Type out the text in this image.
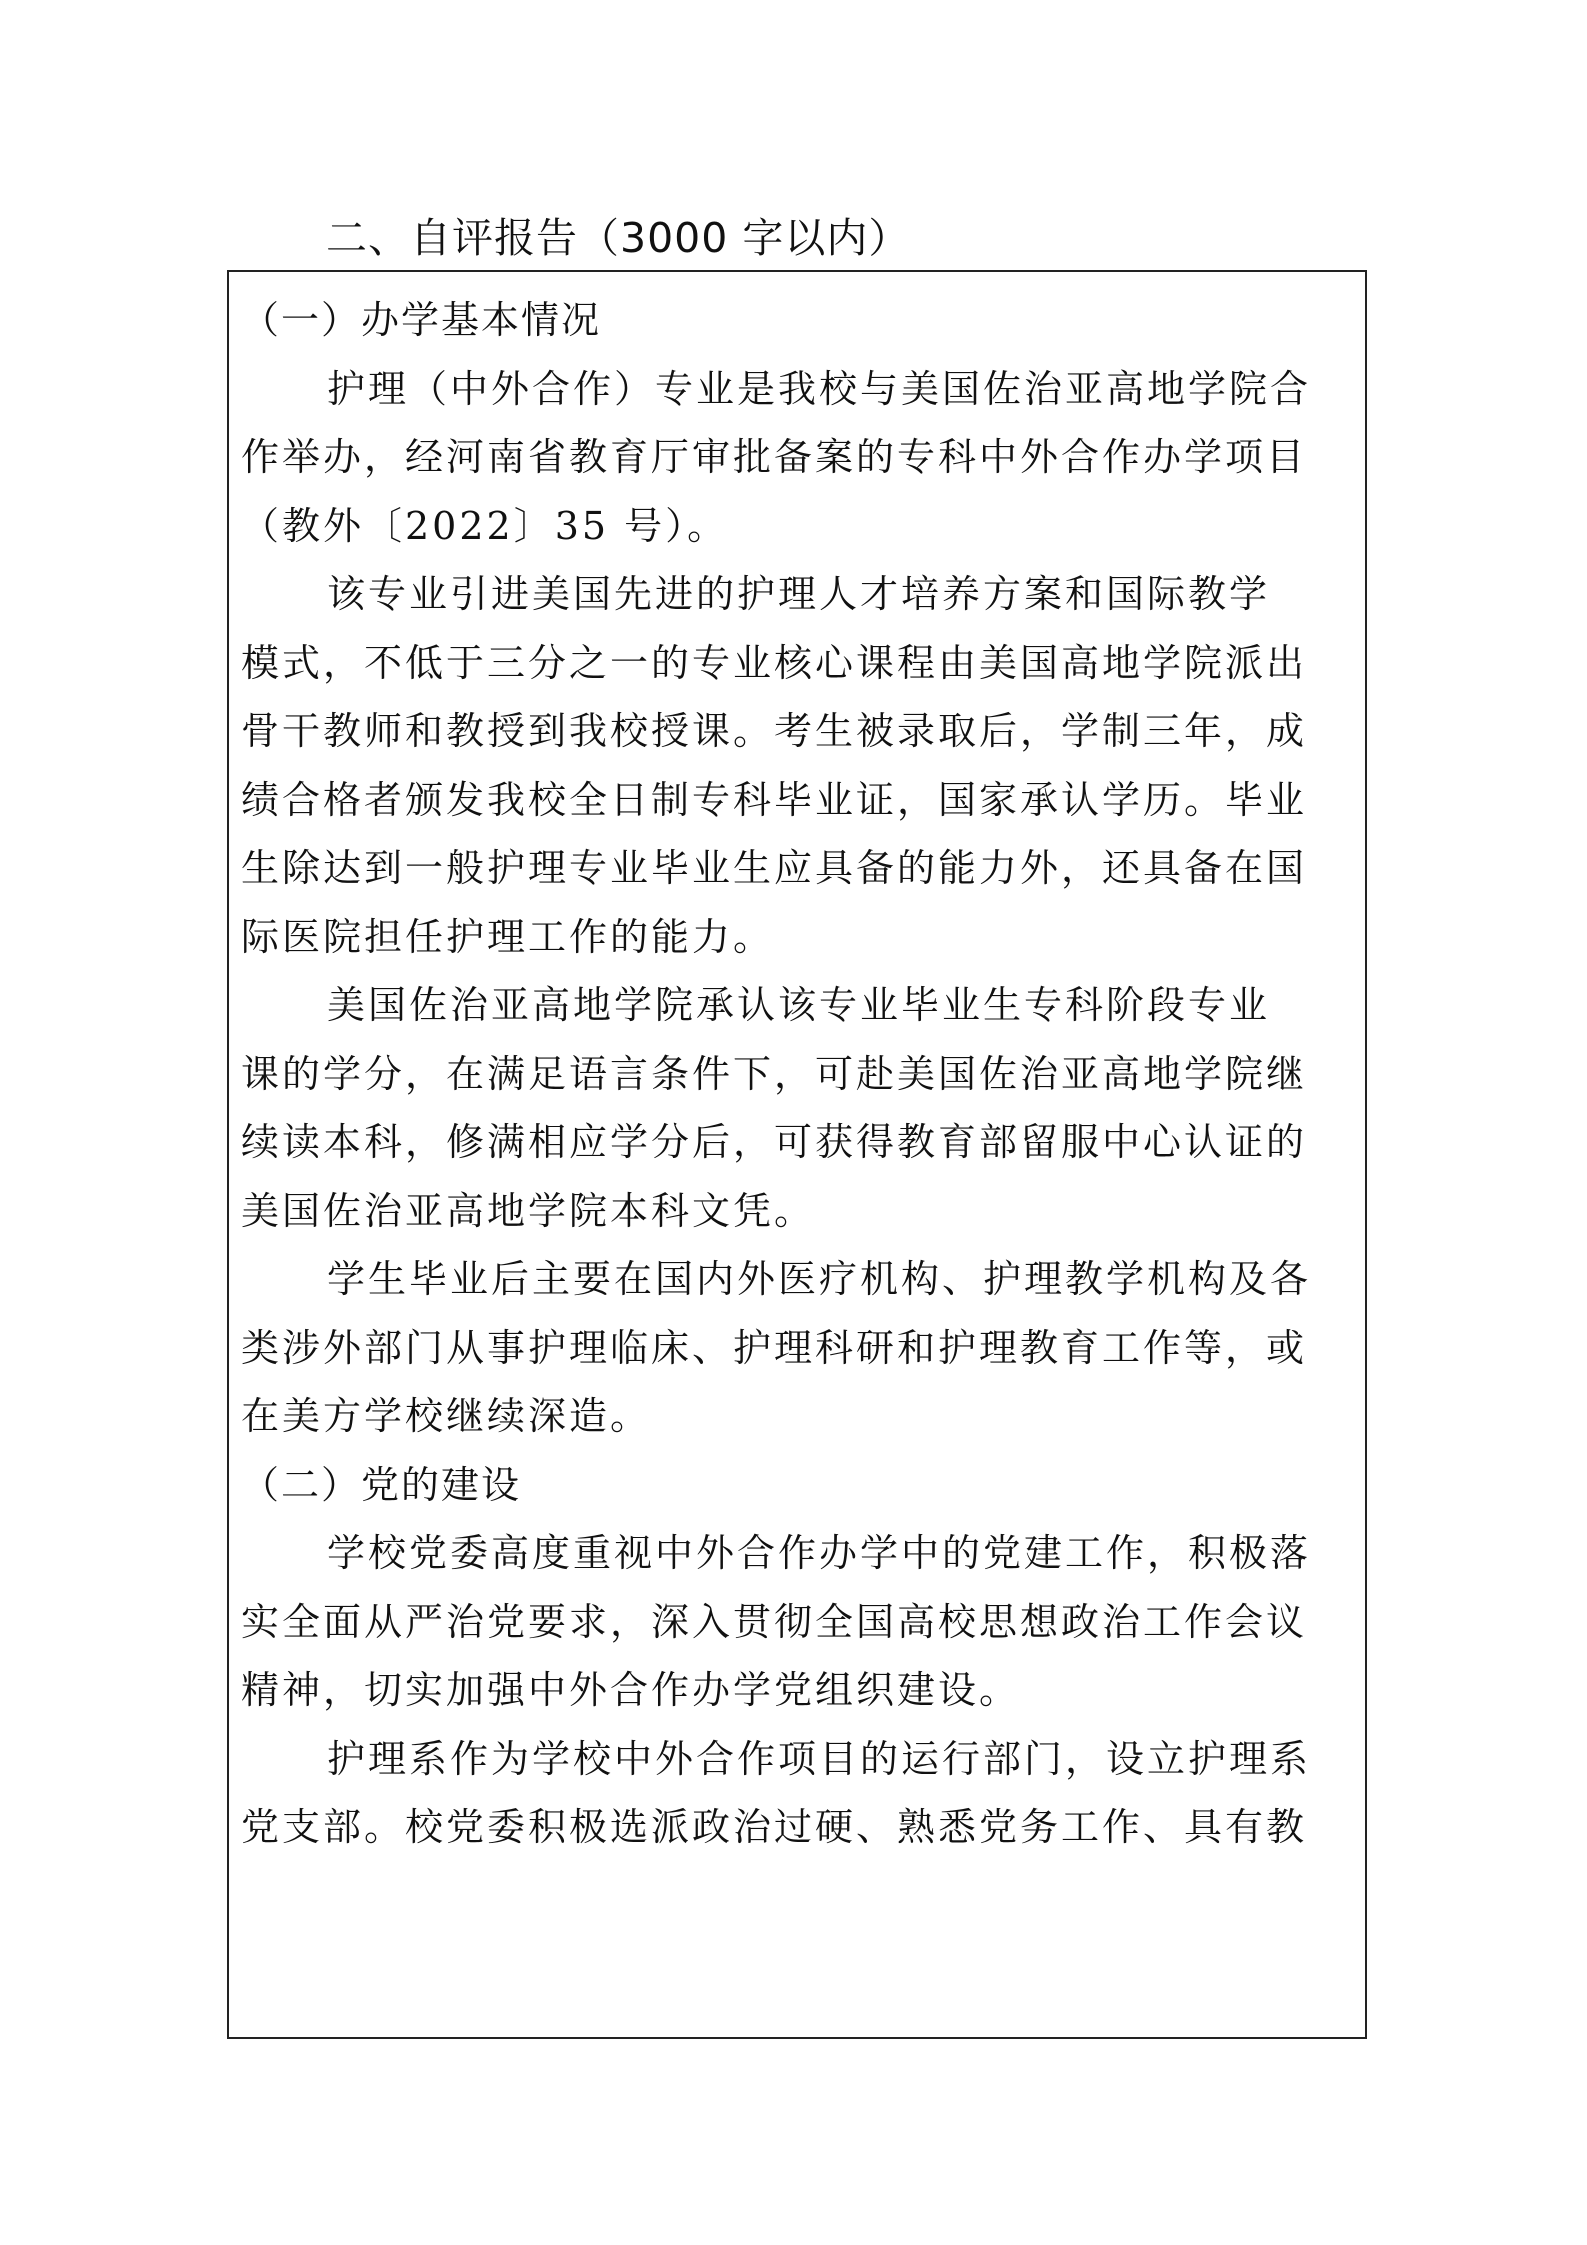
二、自评报告（3000 字以内）
（一）办学基本情况
护理（中外合作）专业是我校与美国佐治亚高地学院合
作举办，经河南省教育厅审批备案的专科中外合作办学项目
（教外〔2022〕35 号）。
该专业引进美国先进的护理人才培养方案和国际教学
模式，不低于三分之一的专业核心课程由美国高地学院派出
骨干教师和教授到我校授课。考生被录取后，学制三年，成
绩合格者颁发我校全日制专科毕业证，国家承认学历。毕业
生除达到一般护理专业毕业生应具备的能力外，还具备在国
际医院担任护理工作的能力。
美国佐治亚高地学院承认该专业毕业生专科阶段专业
课的学分，在满足语言条件下，可赴美国佐治亚高地学院继
续读本科，修满相应学分后，可获得教育部留服中心认证的
美国佐治亚高地学院本科文凭。
学生毕业后主要在国内外医疗机构、护理教学机构及各
类涉外部门从事护理临床、护理科研和护理教育工作等，或
在美方学校继续深造。
（二）党的建设
学校党委高度重视中外合作办学中的党建工作，积极落
实全面从严治党要求，深入贯彻全国高校思想政治工作会议
精神，切实加强中外合作办学党组织建设。
护理系作为学校中外合作项目的运行部门，设立护理系
党支部。校党委积极选派政治过硬、熟悉党务工作、具有教
